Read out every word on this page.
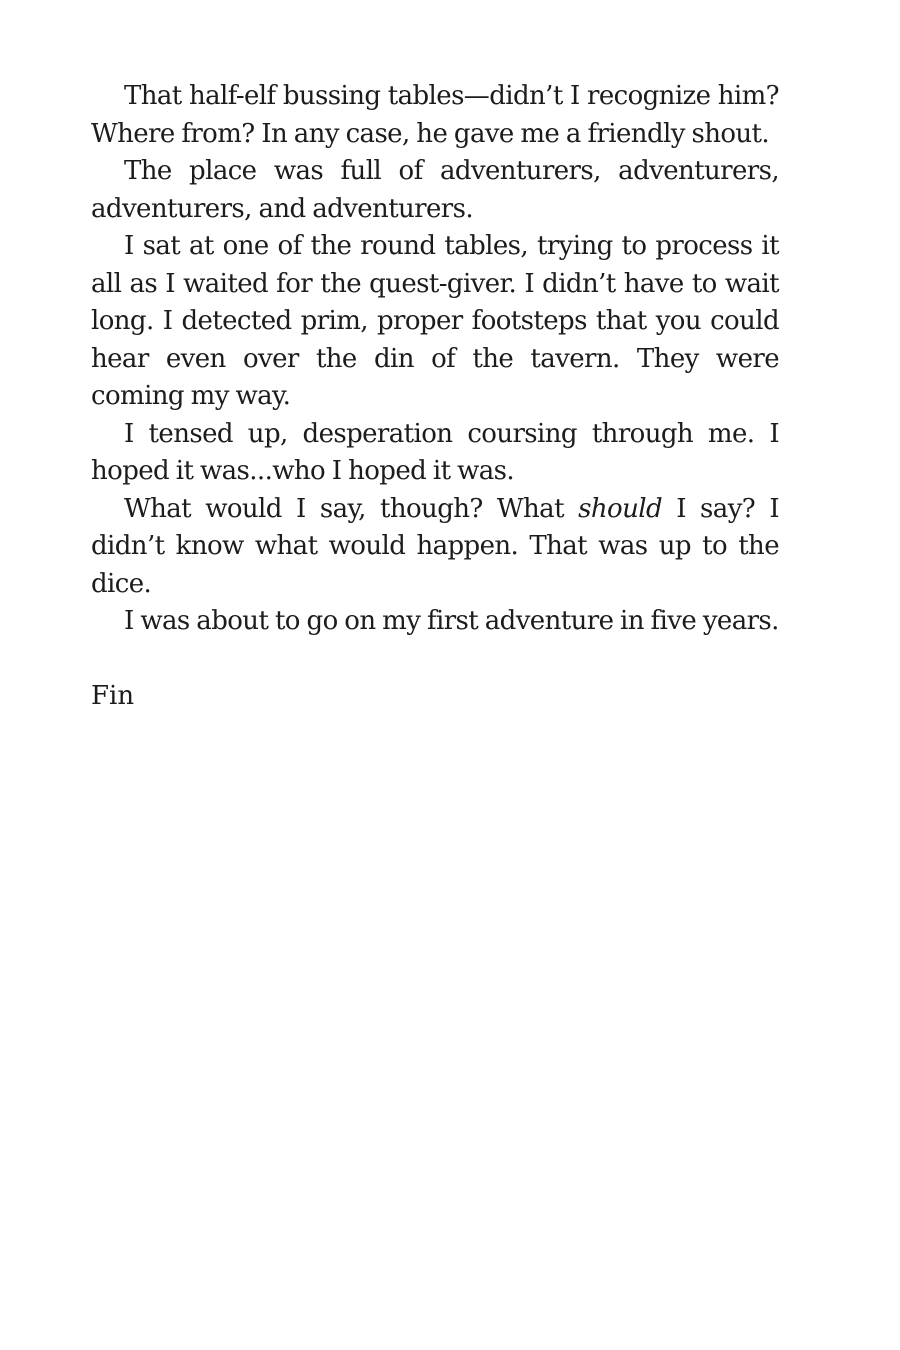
That half-elf bussing tables—didn’t I recognize him? Where from? In any case, he gave me a friendly shout.

The place was full of adventurers, adventurers, adventurers, and adventurers.

I sat at one of the round tables, trying to process it all as I waited for the quest-giver. I didn’t have to wait long. I detected prim, proper footsteps that you could hear even over the din of the tavern. They were coming my way.

I tensed up, desperation coursing through me. I hoped it was...who I hoped it was.

What would I say, though? What should I say? I didn’t know what would happen. That was up to the dice.

I was about to go on my first adventure in five years.

Fin
